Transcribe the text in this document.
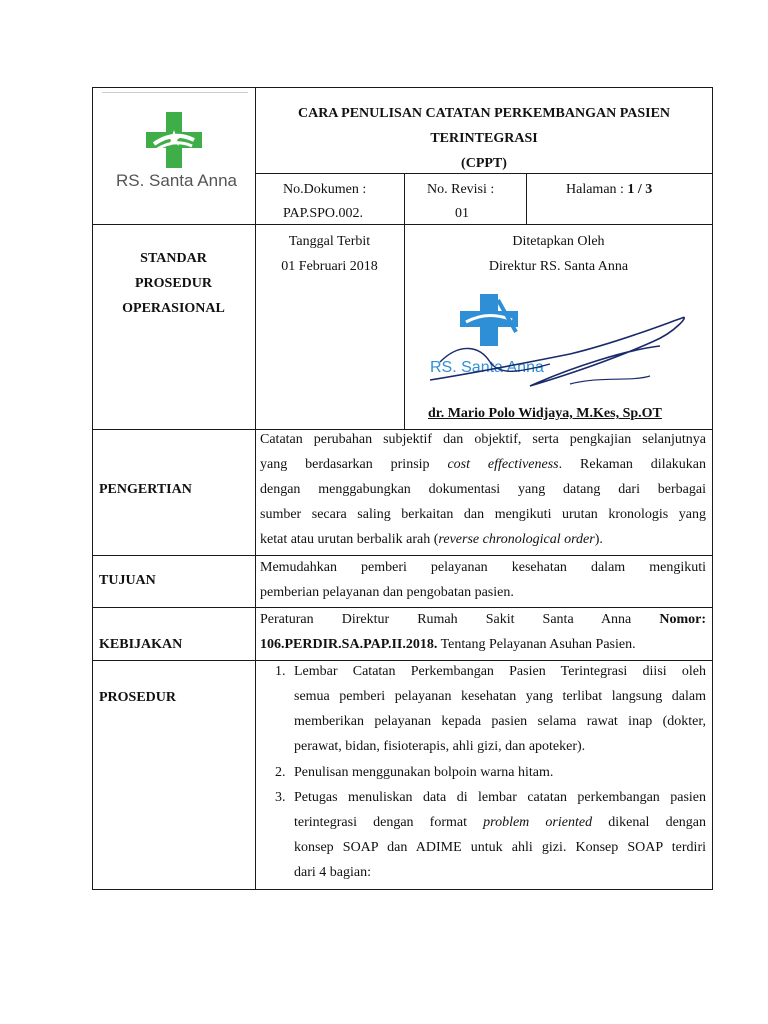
RS. Santa Anna
CARA PENULISAN CATATAN PERKEMBANGAN PASIEN
TERINTEGRASI
(CPPT)
No.Dokumen :
PAP.SPO.002.
No. Revisi :
01
Halaman : 1 / 3
STANDAR
PROSEDUR
OPERASIONAL
Tanggal Terbit
01 Februari 2018
Ditetapkan Oleh
Direktur RS. Santa Anna
RS. Santa Anna
dr. Mario Polo Widjaya, M.Kes, Sp.OT
PENGERTIAN
Catatan perubahan subjektif dan objektif, serta pengkajian selanjutnya
yang berdasarkan prinsip cost effectiveness. Rekaman dilakukan
dengan menggabungkan dokumentasi yang datang dari berbagai
sumber secara saling berkaitan dan mengikuti urutan kronologis yang
ketat atau urutan berbalik arah (reverse chronological order).
TUJUAN
Memudahkan pemberi pelayanan kesehatan dalam mengikuti
pemberian pelayanan dan pengobatan pasien.
KEBIJAKAN
Peraturan Direktur Rumah Sakit Santa Anna Nomor:
106.PERDIR.SA.PAP.II.2018. Tentang Pelayanan Asuhan Pasien.
PROSEDUR
1. Lembar Catatan Perkembangan Pasien Terintegrasi diisi oleh
semua pemberi pelayanan kesehatan yang terlibat langsung dalam
memberikan pelayanan kepada pasien selama rawat inap (dokter,
perawat, bidan, fisioterapis, ahli gizi, dan apoteker).
2. Penulisan menggunakan bolpoin warna hitam.
3. Petugas menuliskan data di lembar catatan perkembangan pasien
terintegrasi dengan format problem oriented dikenal dengan
konsep SOAP dan ADIME untuk ahli gizi. Konsep SOAP terdiri
dari 4 bagian:
